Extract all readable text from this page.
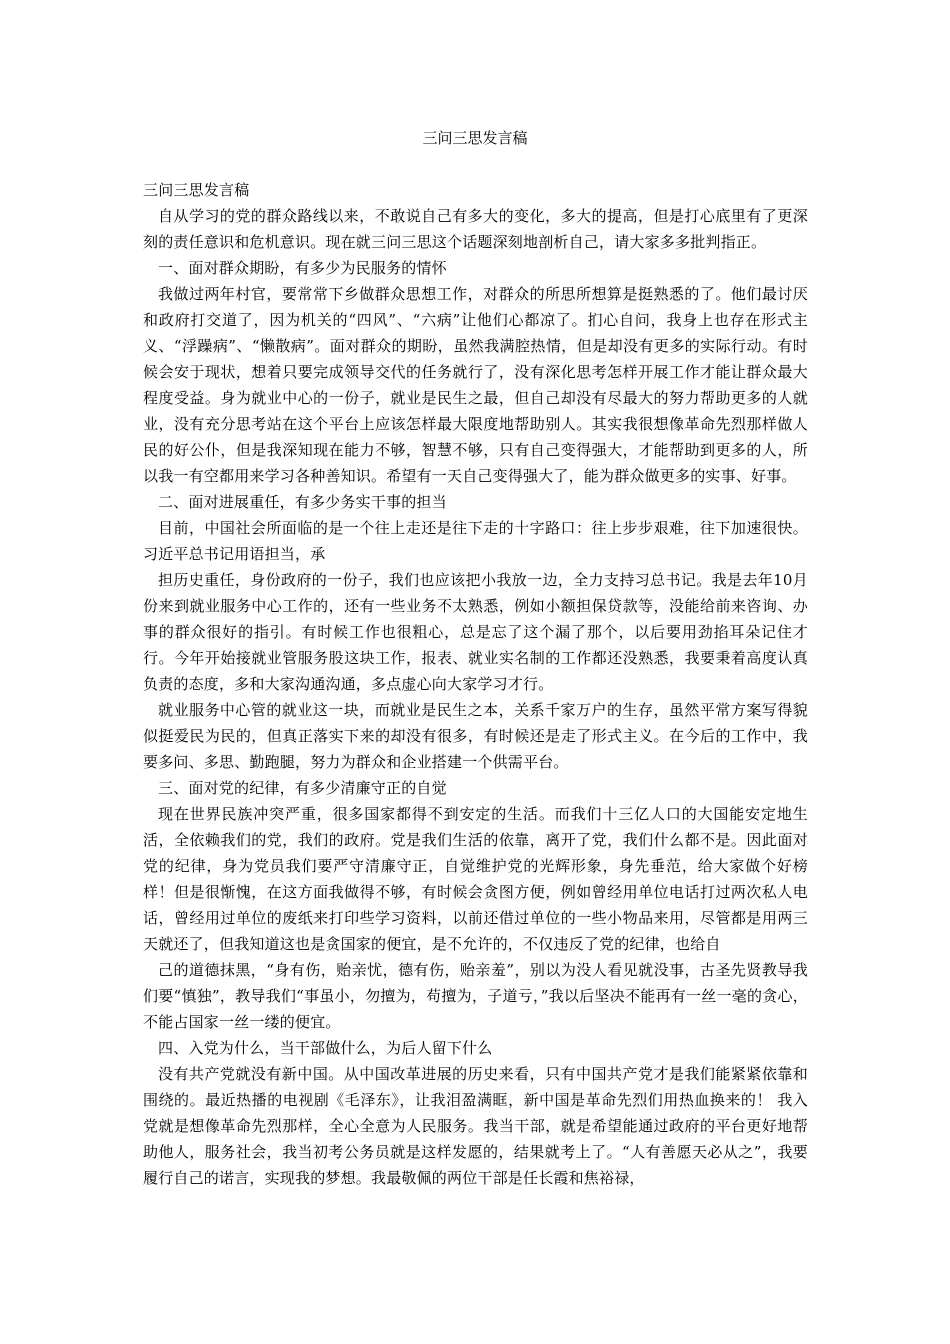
三问三思发言稿

三问三思发言稿

自从学习的党的群众路线以来，不敢说自己有多大的变化，多大的提高，但是打心底里有了更深刻的责任意识和危机意识。现在就三问三思这个话题深刻地剖析自己，请大家多多批判指正。

一、面对群众期盼，有多少为民服务的情怀

我做过两年村官，要常常下乡做群众思想工作，对群众的所思所想算是挺熟悉的了。他们最讨厌和政府打交道了，因为机关的“四风”、“六病”让他们心都凉了。扪心自问，我身上也存在形式主义、“浮躁病”、“懒散病”。面对群众的期盼，虽然我满腔热情，但是却没有更多的实际行动。有时候会安于现状，想着只要完成领导交代的任务就行了，没有深化思考怎样开展工作才能让群众最大程度受益。身为就业中心的一份子，就业是民生之最，但自己却没有尽最大的努力帮助更多的人就业，没有充分思考站在这个平台上应该怎样最大限度地帮助别人。其实我很想像革命先烈那样做人民的好公仆，但是我深知现在能力不够，智慧不够，只有自己变得强大，才能帮助到更多的人，所以我一有空都用来学习各种善知识。希望有一天自己变得强大了，能为群众做更多的实事、好事。

二、面对进展重任，有多少务实干事的担当

目前，中国社会所面临的是一个往上走还是往下走的十字路口：往上步步艰难，往下加速很快。习近平总书记用语担当，承

担历史重任，身份政府的一份子，我们也应该把小我放一边，全力支持习总书记。我是去年10月份来到就业服务中心工作的，还有一些业务不太熟悉，例如小额担保贷款等，没能给前来咨询、办事的群众很好的指引。有时候工作也很粗心，总是忘了这个漏了那个，以后要用劲掐耳朵记住才行。今年开始接就业管服务股这块工作，报表、就业实名制的工作都还没熟悉，我要秉着高度认真负责的态度，多和大家沟通沟通，多点虚心向大家学习才行。

就业服务中心管的就业这一块，而就业是民生之本，关系千家万户的生存，虽然平常方案写得貌似挺爱民为民的，但真正落实下来的却没有很多，有时候还是走了形式主义。在今后的工作中，我要多问、多思、勤跑腿，努力为群众和企业搭建一个供需平台。

三、面对党的纪律，有多少清廉守正的自觉

现在世界民族冲突严重，很多国家都得不到安定的生活。而我们十三亿人口的大国能安定地生活，全依赖我们的党，我们的政府。党是我们生活的依靠，离开了党，我们什么都不是。因此面对党的纪律，身为党员我们要严守清廉守正，自觉维护党的光辉形象，身先垂范，给大家做个好榜样！但是很惭愧，在这方面我做得不够，有时候会贪图方便，例如曾经用单位电话打过两次私人电话，曾经用过单位的废纸来打印些学习资料，以前还借过单位的一些小物品来用，尽管都是用两三天就还了，但我知道这也是贪国家的便宜，是不允许的，不仅违反了党的纪律，也给自

己的道德抹黑，“身有伤，贻亲忧，德有伤，贻亲羞”，别以为没人看见就没事，古圣先贤教导我们要“慎独”，教导我们“事虽小，勿擅为，苟擅为，子道亏，”我以后坚决不能再有一丝一毫的贪心，不能占国家一丝一缕的便宜。

四、入党为什么，当干部做什么，为后人留下什么

没有共产党就没有新中国。从中国改革进展的历史来看，只有中国共产党才是我们能紧紧依靠和围绕的。最近热播的电视剧《毛泽东》，让我泪盈满眶，新中国是革命先烈们用热血换来的！ 我入党就是想像革命先烈那样，全心全意为人民服务。我当干部，就是希望能通过政府的平台更好地帮助他人，服务社会，我当初考公务员就是这样发愿的，结果就考上了。“人有善愿天必从之”，我要履行自己的诺言，实现我的梦想。我最敬佩的两位干部是任长霞和焦裕禄，
